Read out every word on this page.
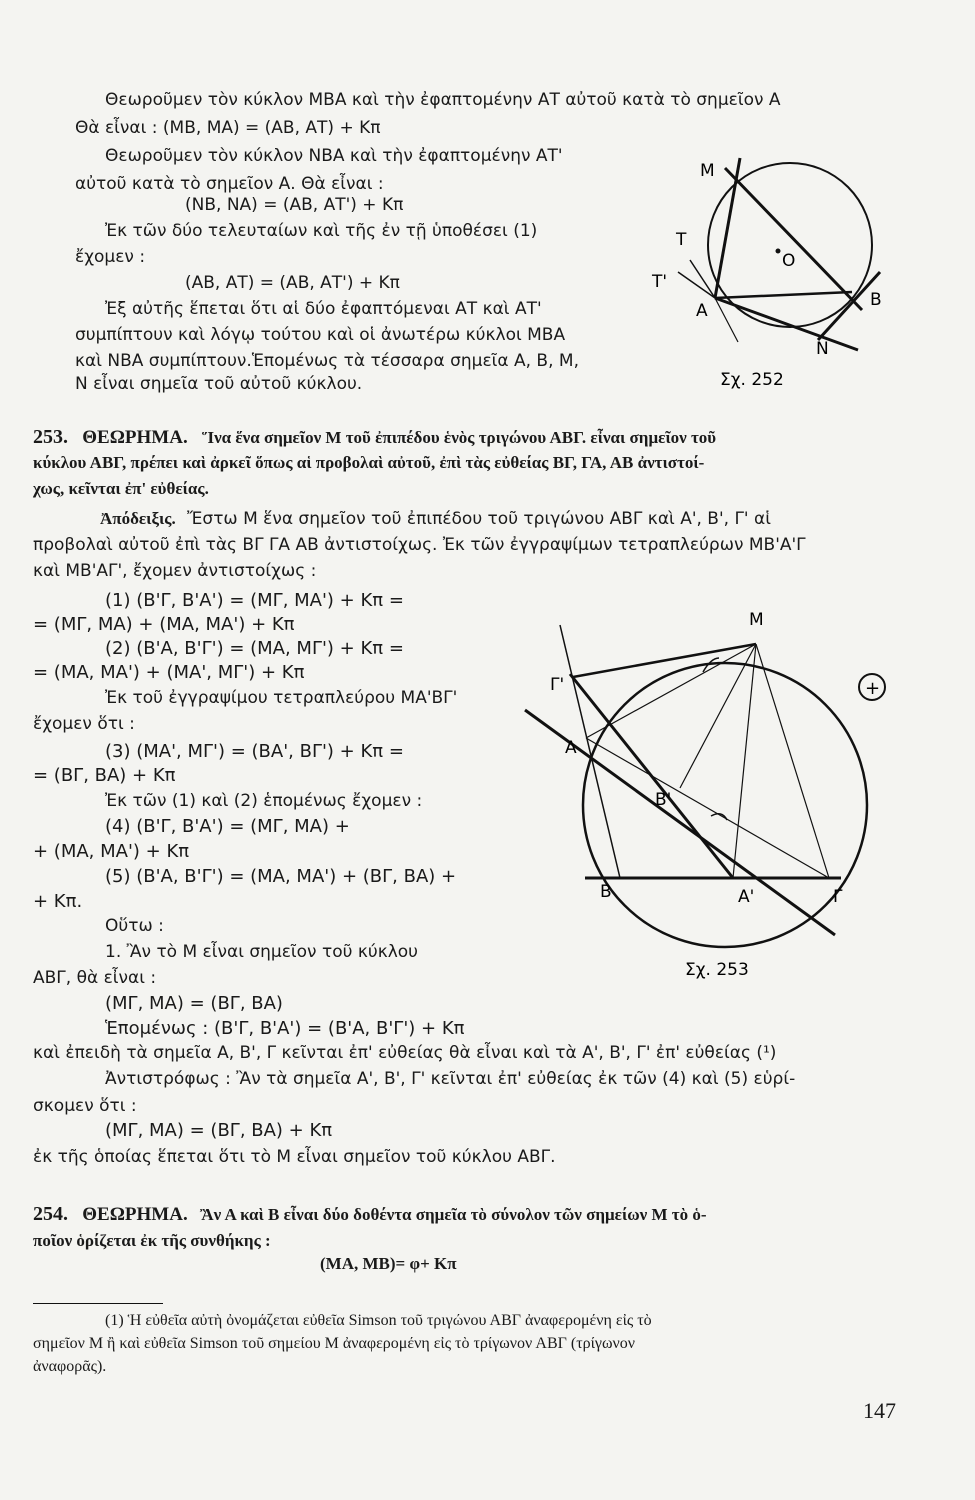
Θεωροῦμεν τὸν κύκλον ΜΒΑ καὶ τὴν ἐφαπτομένην ΑΤ αὐτοῦ κατὰ τὸ σημεῖον Α
Θὰ εἶναι : (ΜΒ, ΜΑ) = (ΑΒ, ΑΤ) + Κπ
Θεωροῦμεν τὸν κύκλον ΝΒΑ καὶ τὴν ἐφαπτομένην ΑΤ'
αὐτοῦ κατὰ τὸ σημεῖον Α. Θὰ εἶναι :
(ΝΒ, ΝΑ) = (ΑΒ, ΑΤ') + Κπ
Ἐκ τῶν δύο τελευταίων καὶ τῆς ἐν τῇ ὑποθέσει (1)
ἔχομεν :
(ΑΒ, ΑΤ) = (ΑΒ, ΑΤ') + Κπ
Ἐξ αὐτῆς ἕπεται ὅτι αἱ δύο ἐφαπτόμεναι ΑΤ καὶ ΑΤ'
συμπίπτουν καὶ λόγῳ τούτου καὶ οἱ ἀνωτέρω κύκλοι ΜΒΑ
καὶ ΝΒΑ συμπίπτουν.Ἑπομένως τὰ τέσσαρα σημεῖα Α, Β, Μ,
Ν εἶναι σημεῖα τοῦ αὐτοῦ κύκλου.
M
T
T'
A
O
B
N
Σχ. 252
253. ΘΕΩΡΗΜΑ. Ἵνα ἕνα σημεῖον Μ τοῦ ἐπιπέδου ἑνὸς τριγώνου ΑΒΓ. εἶναι σημεῖον τοῦ
κύκλου ΑΒΓ, πρέπει καὶ ἀρκεῖ ὅπως αἱ προβολαὶ αὐτοῦ, ἐπὶ τὰς εὐθείας ΒΓ, ΓΑ, ΑΒ ἀντιστοί-
χως, κεῖνται ἐπ' εὐθείας.
Ἀπόδειξις. Ἔστω Μ ἕνα σημεῖον τοῦ ἐπιπέδου τοῦ τριγώνου ΑΒΓ καὶ Α', Β', Γ' αἱ
προβολαὶ αὐτοῦ ἐπὶ τὰς ΒΓ ΓΑ ΑΒ ἀντιστοίχως. Ἐκ τῶν ἐγγραψίμων τετραπλεύρων ΜΒ'Α'Γ
καὶ ΜΒ'ΑΓ', ἔχομεν ἀντιστοίχως :
(1) (Β'Γ, Β'Α') = (ΜΓ, ΜΑ') + Κπ =
= (ΜΓ, ΜΑ) + (ΜΑ, ΜΑ') + Κπ
(2) (Β'Α, Β'Γ') = (ΜΑ, ΜΓ') + Κπ =
= (ΜΑ, ΜΑ') + (ΜΑ', ΜΓ') + Κπ
Ἐκ τοῦ ἐγγραψίμου τετραπλεύρου ΜΑ'ΒΓ'
ἔχομεν ὅτι :
(3) (ΜΑ', ΜΓ') = (ΒΑ', ΒΓ') + Κπ =
= (ΒΓ, ΒΑ) + Κπ
Ἐκ τῶν (1) καὶ (2) ἑπομένως ἔχομεν :
(4) (Β'Γ, Β'Α') = (ΜΓ, ΜΑ) +
+ (ΜΑ, ΜΑ') + Κπ
(5) (Β'Α, Β'Γ') = (ΜΑ, ΜΑ') + (ΒΓ, ΒΑ) +
+ Κπ.
Οὕτω :
1. Ἂν τὸ Μ εἶναι σημεῖον τοῦ κύκλου
ΑΒΓ, θὰ εἶναι :
(ΜΓ, ΜΑ) = (ΒΓ, ΒΑ)
Ἑπομένως : (Β'Γ, Β'Α') = (Β'Α, Β'Γ') + Κπ
καὶ ἐπειδὴ τὰ σημεῖα Α, Β', Γ κεῖνται ἐπ' εὐθείας θὰ εἶναι καὶ τὰ Α', Β', Γ' ἐπ' εὐθείας (¹)
Ἀντιστρόφως : Ἂν τὰ σημεῖα Α', Β', Γ' κεῖνται ἐπ' εὐθείας ἐκ τῶν (4) καὶ (5) εὑρί-
σκομεν ὅτι :
(ΜΓ, ΜΑ) = (ΒΓ, ΒΑ) + Κπ
ἐκ τῆς ὁποίας ἕπεται ὅτι τὸ Μ εἶναι σημεῖον τοῦ κύκλου ΑΒΓ.
+
M
Γ'
A
B'
B	A'	Γ
Σχ. 253
254. ΘΕΩΡΗΜΑ. Ἂν Α καὶ Β εἶναι δύο δοθέντα σημεῖα τὸ σύνολον τῶν σημείων Μ τὸ ὁ-
ποῖον ὁρίζεται ἐκ τῆς συνθήκης :
(ΜΑ, ΜΒ)= φ+ Κπ
(1) Ἡ εὐθεῖα αὐτὴ ὀνομάζεται εὐθεῖα Simson τοῦ τριγώνου ΑΒΓ ἀναφερομένη εἰς τὸ
σημεῖον Μ ἢ καὶ εὐθεῖα Simson τοῦ σημείου Μ ἀναφερομένη εἰς τὸ τρίγωνον ΑΒΓ (τρίγωνον
ἀναφορᾶς).
147
